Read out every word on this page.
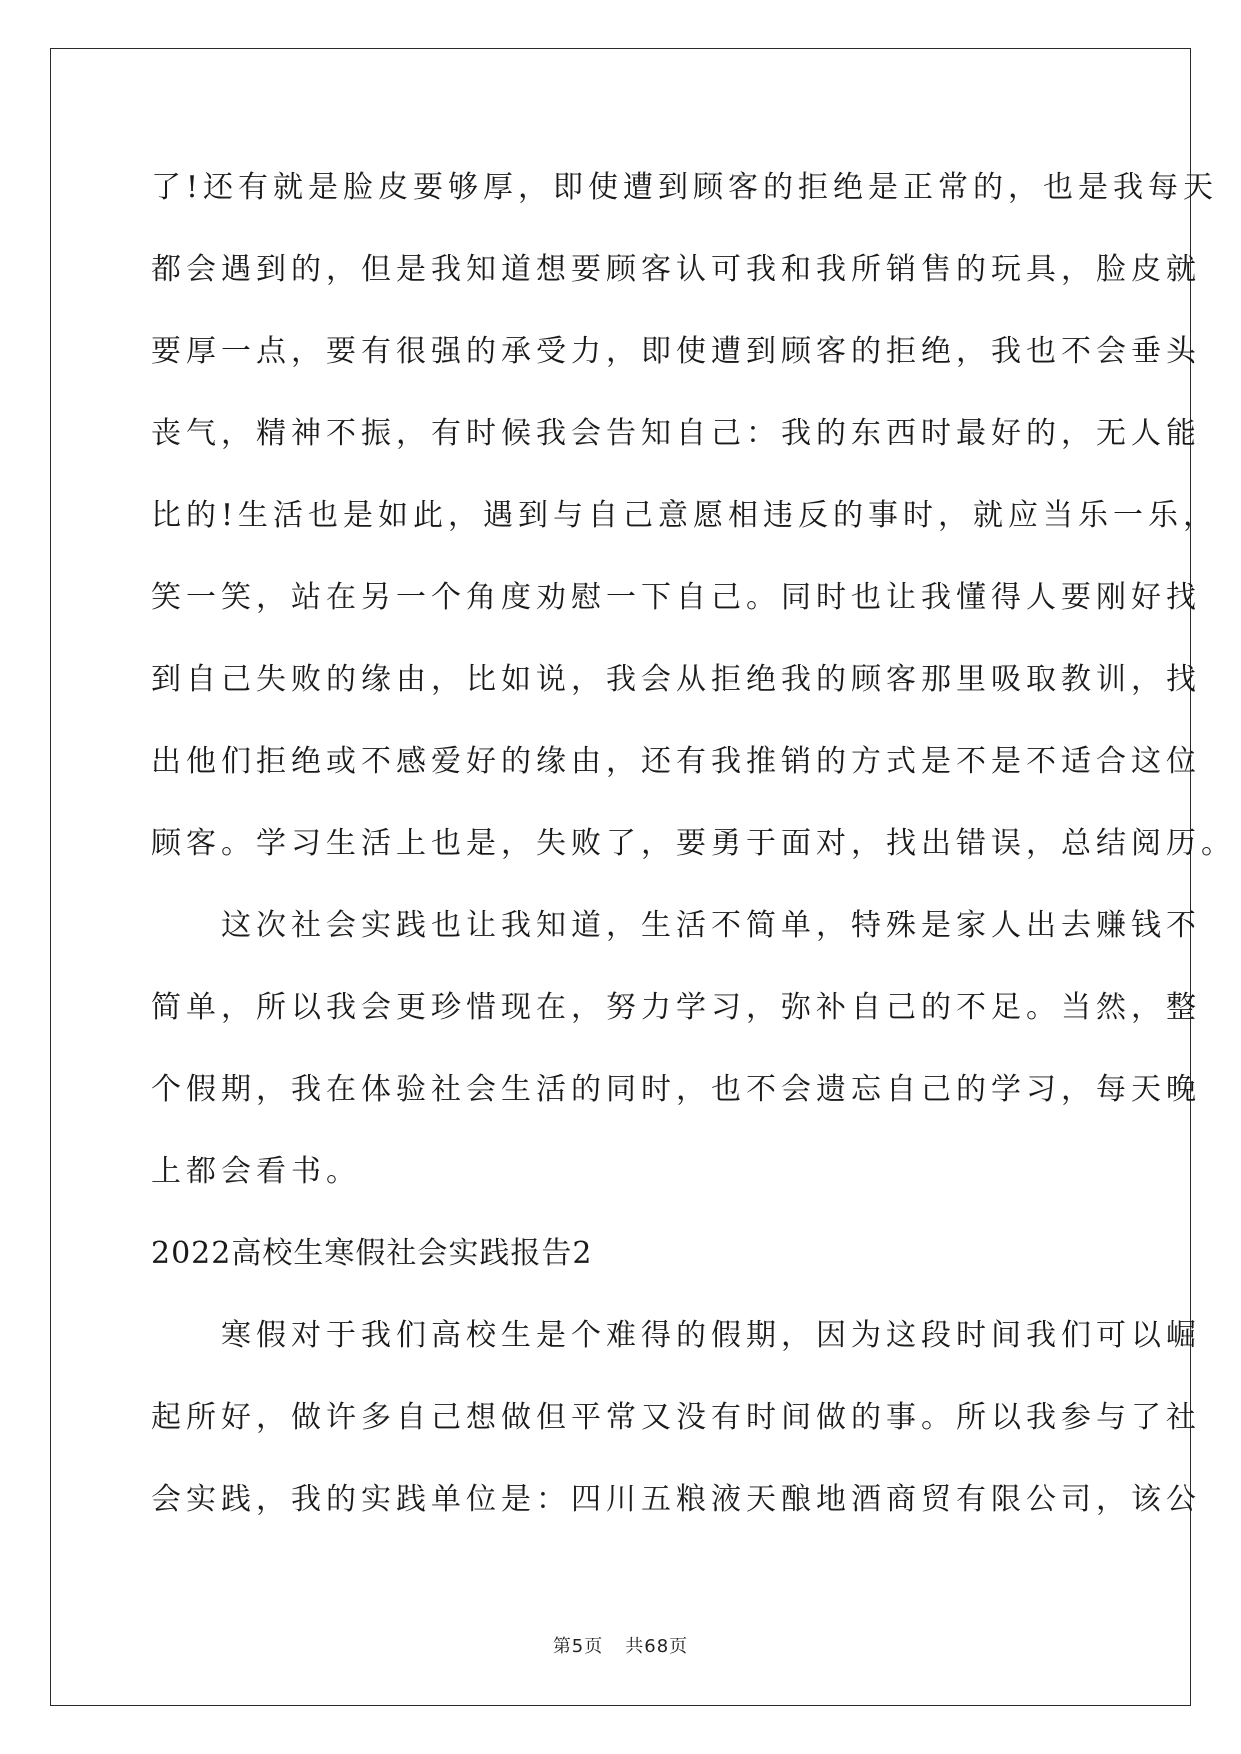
了!还有就是脸皮要够厚，即使遭到顾客的拒绝是正常的，也是我每天
都会遇到的，但是我知道想要顾客认可我和我所销售的玩具，脸皮就
要厚一点，要有很强的承受力，即使遭到顾客的拒绝，我也不会垂头
丧气，精神不振，有时候我会告知自己：我的东西时最好的，无人能
比的!生活也是如此，遇到与自己意愿相违反的事时，就应当乐一乐，
笑一笑，站在另一个角度劝慰一下自己。同时也让我懂得人要刚好找
到自己失败的缘由，比如说，我会从拒绝我的顾客那里吸取教训，找
出他们拒绝或不感爱好的缘由，还有我推销的方式是不是不适合这位
顾客。学习生活上也是，失败了，要勇于面对，找出错误，总结阅历。
　　这次社会实践也让我知道，生活不简单，特殊是家人出去赚钱不
简单，所以我会更珍惜现在，努力学习，弥补自己的不足。当然，整
个假期，我在体验社会生活的同时，也不会遗忘自己的学习，每天晚
上都会看书。
2022高校生寒假社会实践报告2
　　寒假对于我们高校生是个难得的假期，因为这段时间我们可以崛
起所好，做许多自己想做但平常又没有时间做的事。所以我参与了社
会实践，我的实践单位是：四川五粮液天酿地酒商贸有限公司，该公
第5页 共68页
